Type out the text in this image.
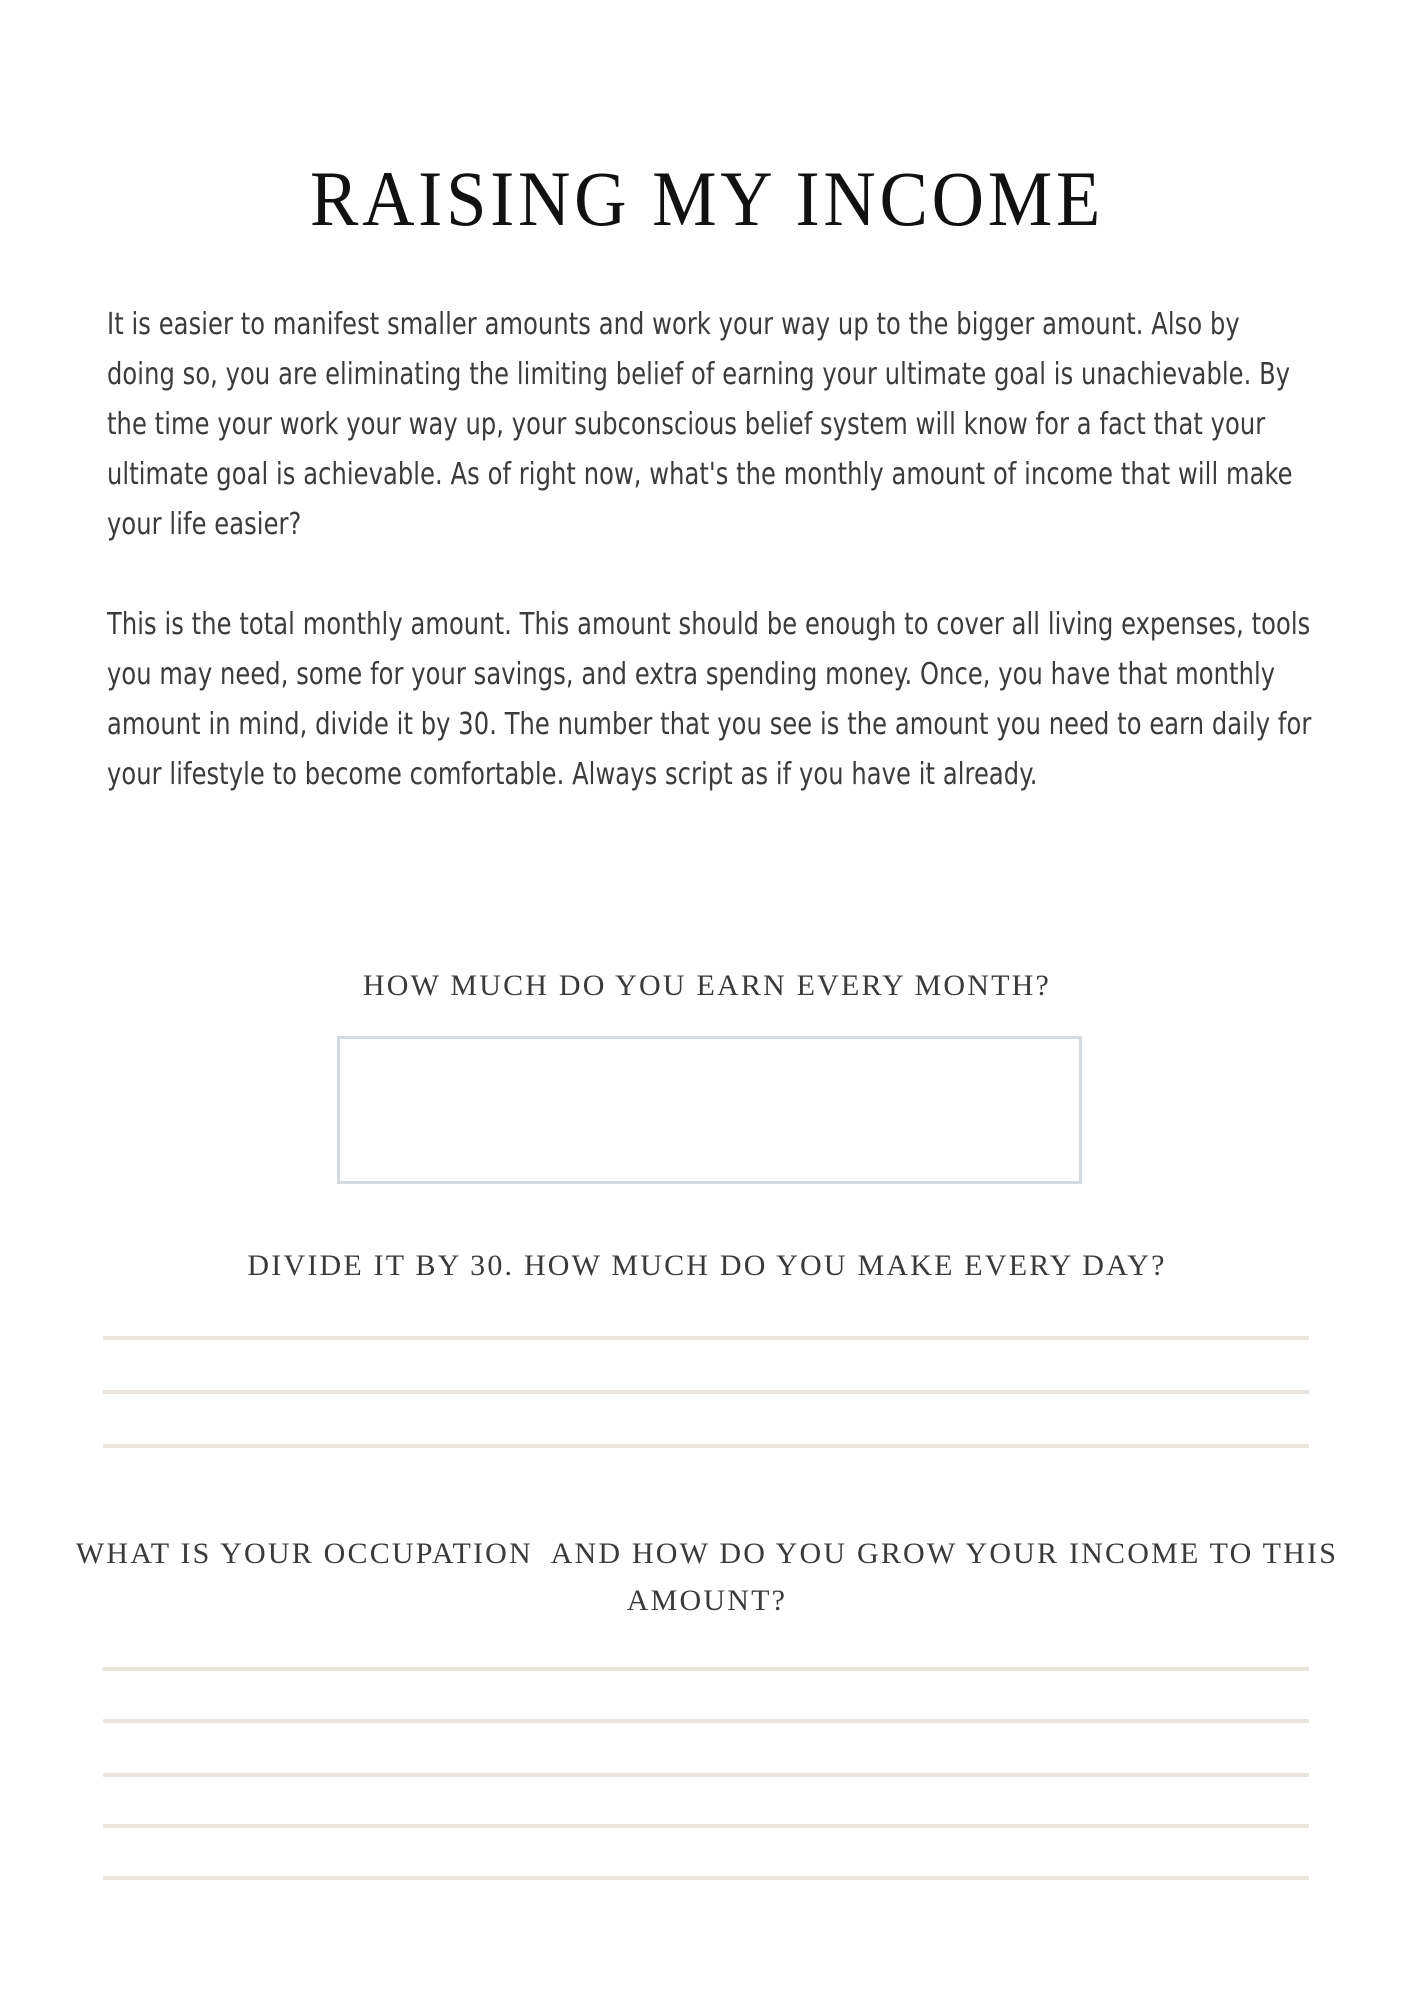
RAISING MY INCOME

It is easier to manifest smaller amounts and work your way up to the bigger amount. Also by doing so, you are eliminating the limiting belief of earning your ultimate goal is unachievable. By the time your work your way up, your subconscious belief system will know for a fact that your ultimate goal is achievable. As of right now, what's the monthly amount of income that will make your life easier?

This is the total monthly amount. This amount should be enough to cover all living expenses, tools you may need, some for your savings, and extra spending money. Once, you have that monthly amount in mind, divide it by 30. The number that you see is the amount you need to earn daily for your lifestyle to become comfortable. Always script as if you have it already.

HOW MUCH DO YOU EARN EVERY MONTH?
DIVIDE IT BY 30. HOW MUCH DO YOU MAKE EVERY DAY?
WHAT IS YOUR OCCUPATION  AND HOW DO YOU GROW YOUR INCOME TO THIS AMOUNT?
